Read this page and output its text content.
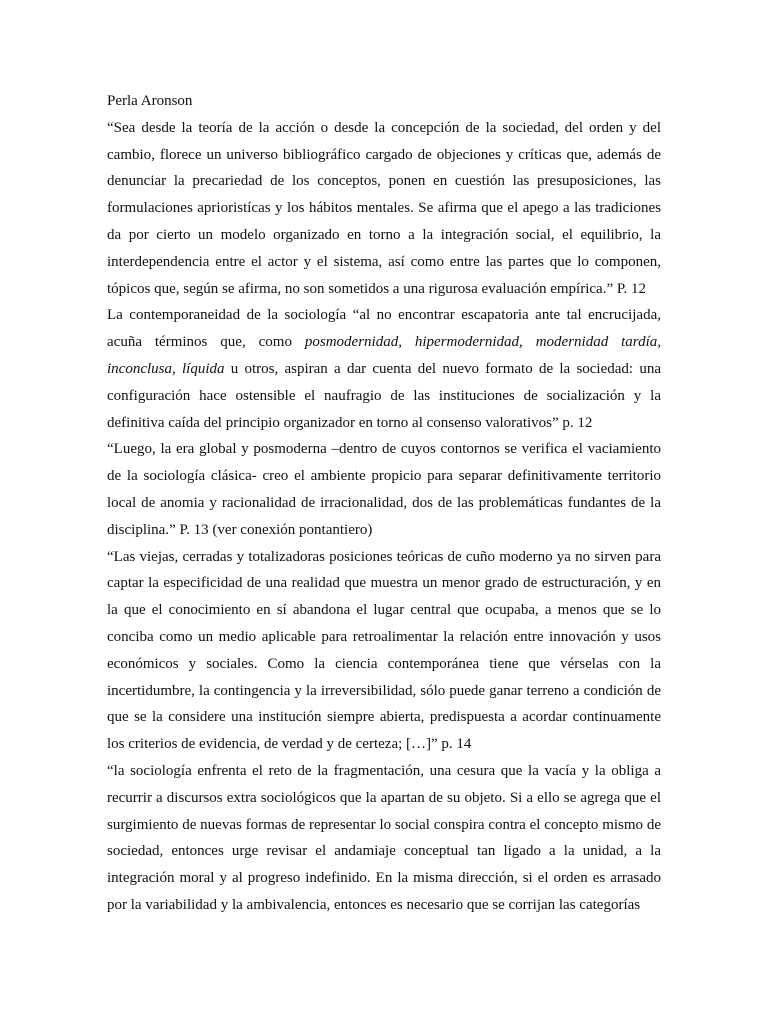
Perla Aronson

“Sea desde la teoría de la acción o desde la concepción de la sociedad, del orden y del cambio, florece un universo bibliográfico cargado de objeciones y críticas que, además de denunciar la precariedad de los conceptos, ponen en cuestión las presuposiciones, las formulaciones aprioristícas y los hábitos mentales. Se afirma que el apego a las tradiciones da por cierto un modelo organizado en torno a la integración social, el equilibrio, la interdependencia entre el actor y el sistema, así como entre las partes que lo componen, tópicos que, según se afirma, no son sometidos a una rigurosa evaluación empírica.” P. 12

La contemporaneidad de la sociología “al no encontrar escapatoria ante tal encrucijada, acuña términos que, como posmodernidad, hipermodernidad, modernidad tardía, inconclusa, líquida u otros, aspiran a dar cuenta del nuevo formato de la sociedad: una configuración hace ostensible el naufragio de las instituciones de socialización y la definitiva caída del principio organizador en torno al consenso valorativos” p. 12

“Luego, la era global y posmoderna –dentro de cuyos contornos se verifica el vaciamiento de la sociología clásica- creo el ambiente propicio para separar definitivamente territorio local de anomia y racionalidad de irracionalidad, dos de las problemáticas fundantes de la disciplina.” P. 13 (ver conexión pontantiero)

“Las viejas, cerradas y totalizadoras posiciones teóricas de cuño moderno ya no sirven para captar la especificidad de una realidad que muestra un menor grado de estructuración, y en la que el conocimiento en sí abandona el lugar central que ocupaba, a menos que se lo conciba como un medio aplicable para retroalimentar la relación entre innovación y usos económicos y sociales. Como la ciencia contemporánea tiene que vérselas con la incertidumbre, la contingencia y la irreversibilidad, sólo puede ganar terreno a condición de que se la considere una institución siempre abierta, predispuesta a acordar continuamente los criterios de evidencia, de verdad y de certeza; […]” p. 14

“la sociología enfrenta el reto de la fragmentación, una cesura que la vacía y la obliga a recurrir a discursos extra sociológicos que la apartan de su objeto. Si a ello se agrega que el surgimiento de nuevas formas de representar lo social conspira contra el concepto mismo de sociedad, entonces urge revisar el andamiaje conceptual tan ligado a la unidad, a la integración moral y al progreso indefinido. En la misma dirección, si el orden es arrasado por la variabilidad y la ambivalencia, entonces es necesario que se corrijan las categorías
